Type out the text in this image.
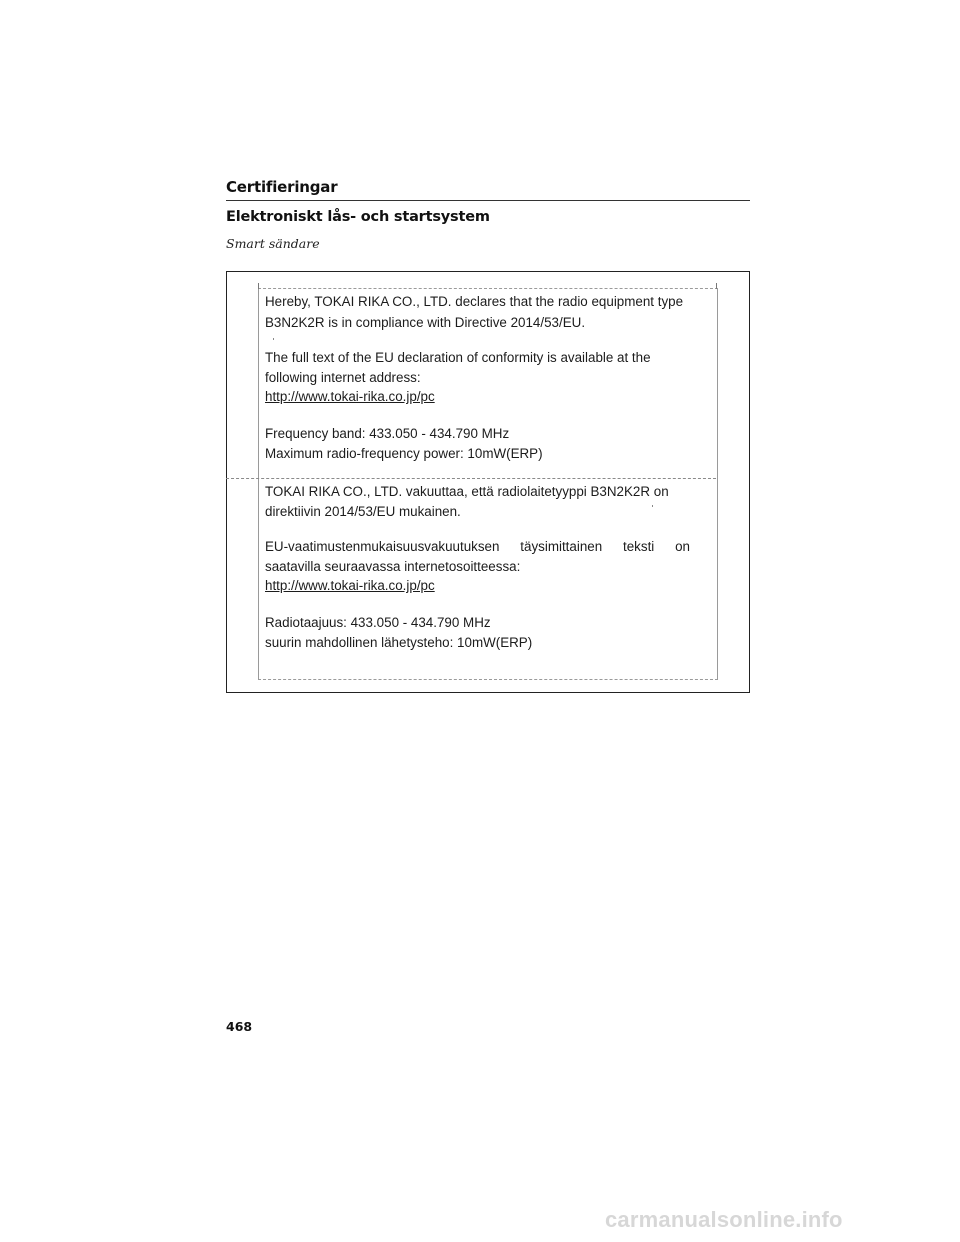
Certifieringar
Elektroniskt lås- och startsystem
Smart sändare
Hereby, TOKAI RIKA CO., LTD. declares that the radio equipment type
B3N2K2R is in compliance with Directive 2014/53/EU.
The full text of the EU declaration of conformity is available at the
following internet address:
http://www.tokai-rika.co.jp/pc
Frequency band: 433.050 - 434.790 MHz
Maximum radio-frequency power: 10mW(ERP)
TOKAI RIKA CO., LTD. vakuuttaa, että radiolaitetyyppi B3N2K2R on
direktiivin 2014/53/EU mukainen.
EU-vaatimustenmukaisuusvakuutuksen täysimittainen teksti on
saatavilla seuraavassa internetosoitteessa:
http://www.tokai-rika.co.jp/pc
Radiotaajuus: 433.050 - 434.790 MHz
suurin mahdollinen lähetysteho: 10mW(ERP)
468
carmanualsonline.info
